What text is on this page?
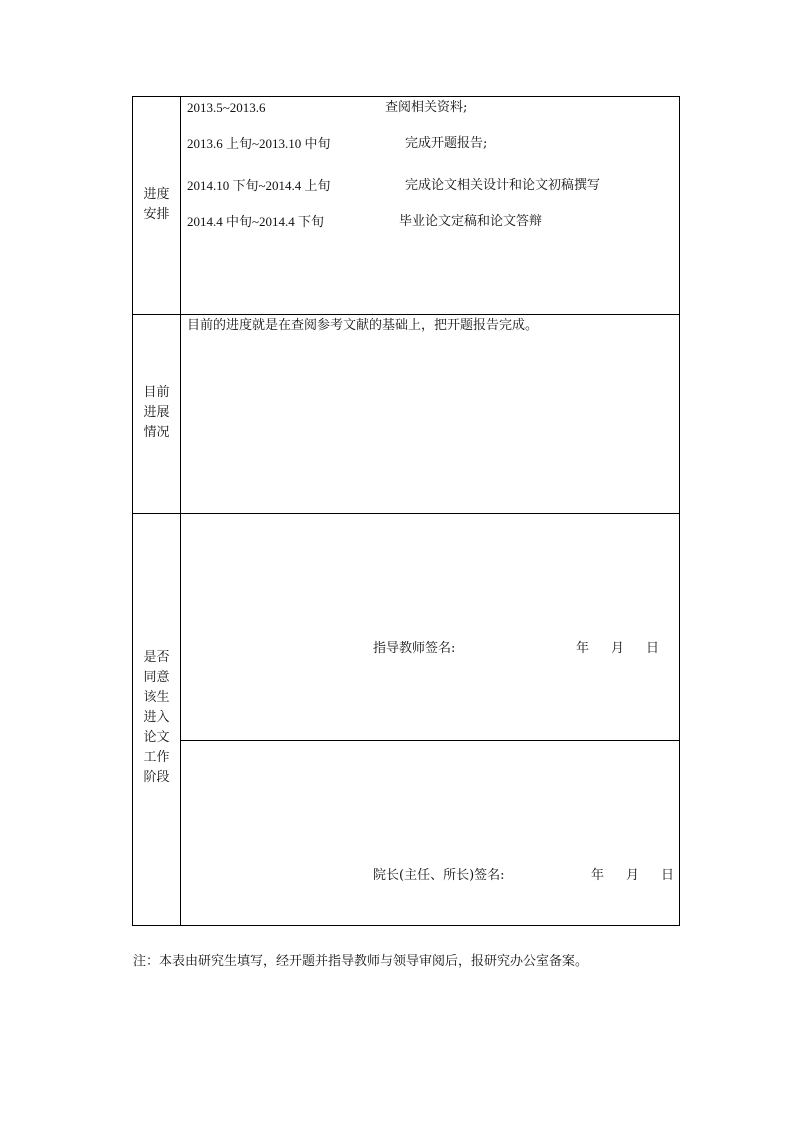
进度
安排
2013.5~2013.6	查阅相关资料;
2013.6 上旬~2013.10 中旬	完成开题报告;
2014.10 下旬~2014.4 上旬	完成论文相关设计和论文初稿撰写
2014.4 中旬~2014.4 下旬	毕业论文定稿和论文答辩
目前
进展
情况
目前的进度就是在查阅参考文献的基础上，把开题报告完成。
是否
同意
该生
进入
论文
工作
阶段
指导教师签名:	年 月 日
院长(主任、所长)签名:	年 月 日
注：本表由研究生填写，经开题并指导教师与领导审阅后，报研究办公室备案。
